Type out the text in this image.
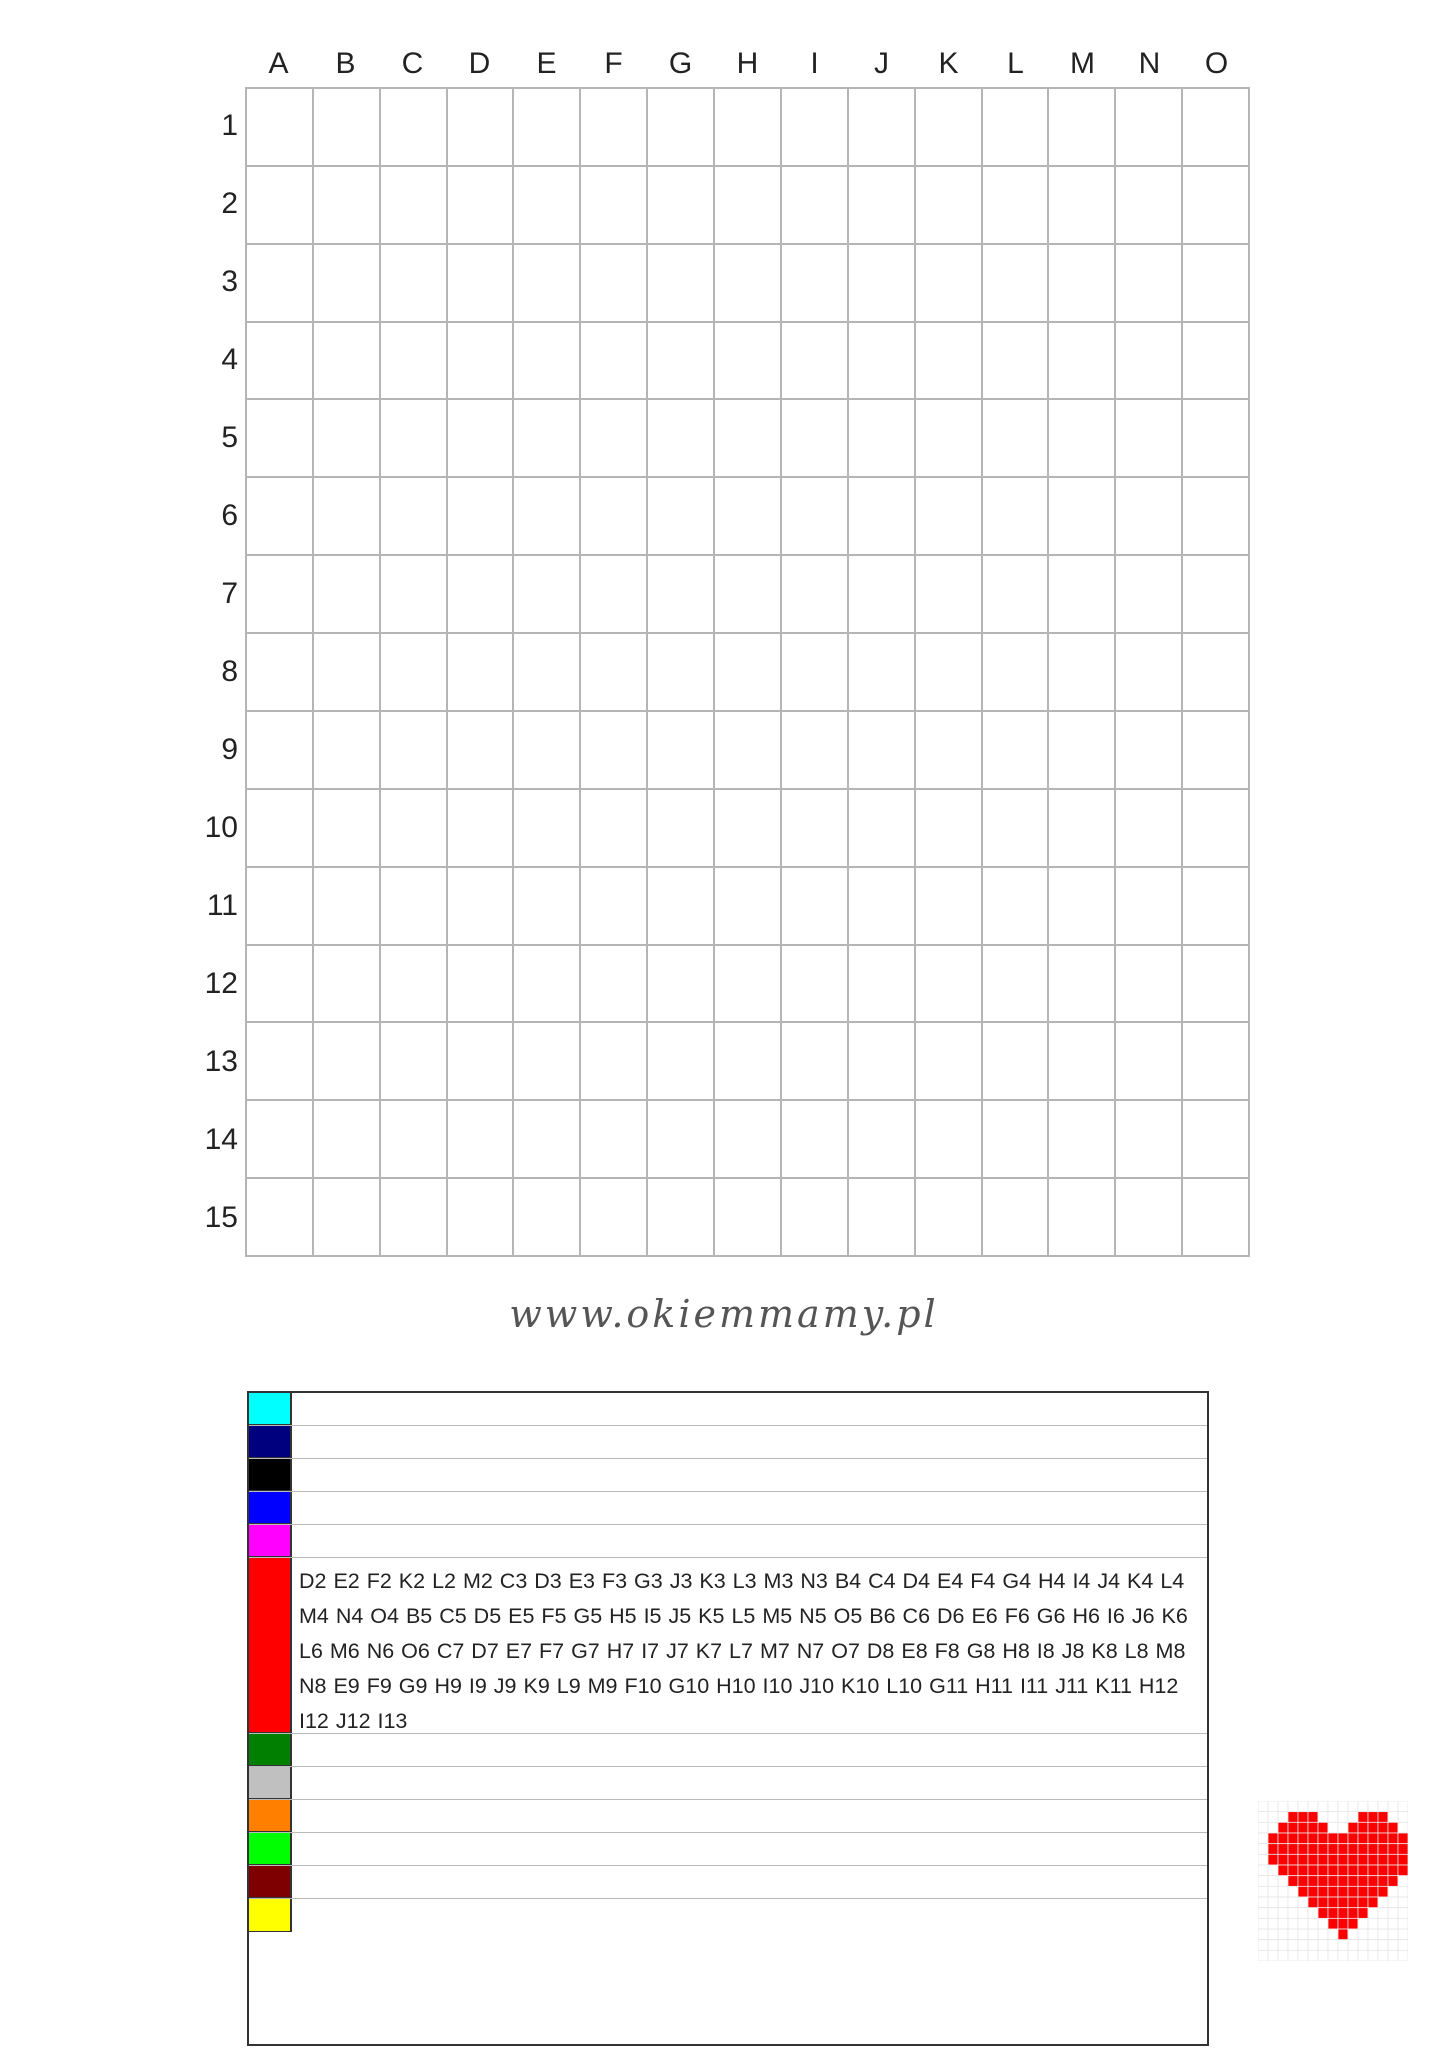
A	B	C	D	E	F	G	H	I	J	K	L	M	N	O
1
2
3
4
5
6
7
8
9
10
11
12
13
14
15
www.okiemmamy.pl
D2 E2 F2 K2 L2 M2 C3 D3 E3 F3 G3 J3 K3 L3 M3 N3 B4 C4 D4 E4 F4 G4 H4 I4 J4 K4 L4 M4 N4 O4 B5 C5 D5 E5 F5 G5 H5 I5 J5 K5 L5 M5 N5 O5 B6 C6 D6 E6 F6 G6 H6 I6 J6 K6 L6 M6 N6 O6 C7 D7 E7 F7 G7 H7 I7 J7 K7 L7 M7 N7 O7 D8 E8 F8 G8 H8 I8 J8 K8 L8 M8 N8 E9 F9 G9 H9 I9 J9 K9 L9 M9 F10 G10 H10 I10 J10 K10 L10 G11 H11 I11 J11 K11 H12 I12 J12 I13
